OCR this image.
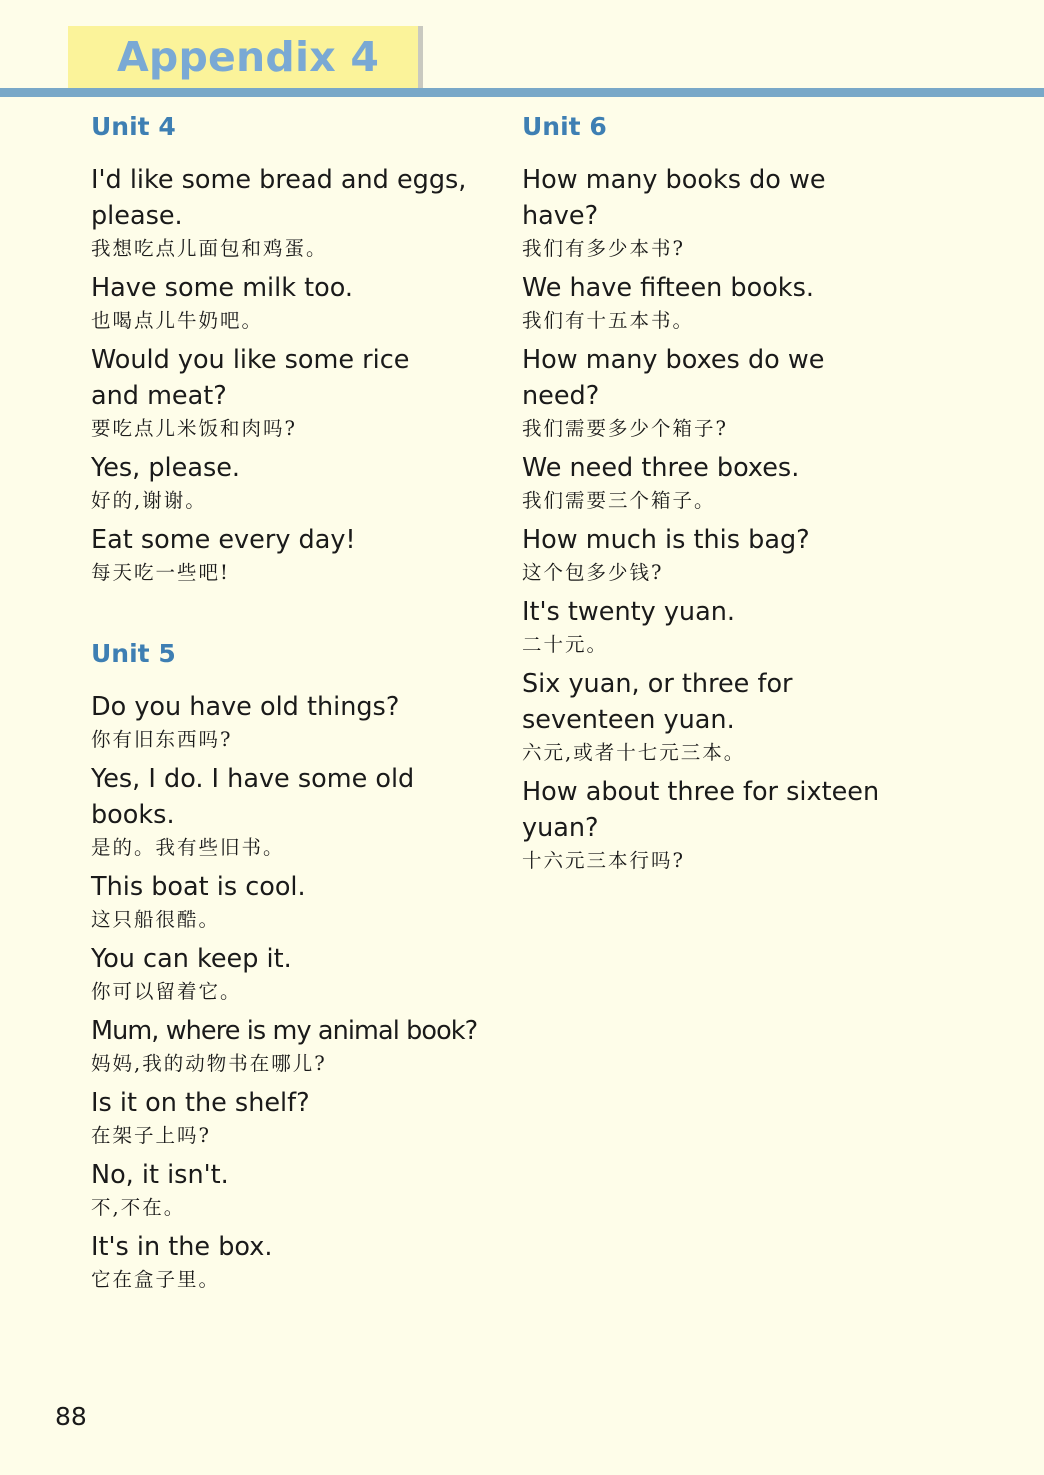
Appendix 4
Unit 4
I'd like some bread and eggs,
please.
我想吃点儿面包和鸡蛋。
Have some milk too.
也喝点儿牛奶吧。
Would you like some rice
and meat?
要吃点儿米饭和肉吗?
Yes, please.
好的,谢谢。
Eat some every day!
每天吃一些吧!
Unit 5
Do you have old things?
你有旧东西吗?
Yes, I do. I have some old
books.
是的。我有些旧书。
This boat is cool.
这只船很酷。
You can keep it.
你可以留着它。
Mum, where is my animal book?
妈妈,我的动物书在哪儿?
Is it on the shelf?
在架子上吗?
No, it isn't.
不,不在。
It's in the box.
它在盒子里。
Unit 6
How many books do we
have?
我们有多少本书?
We have fifteen books.
我们有十五本书。
How many boxes do we
need?
我们需要多少个箱子?
We need three boxes.
我们需要三个箱子。
How much is this bag?
这个包多少钱?
It's twenty yuan.
二十元。
Six yuan, or three for
seventeen yuan.
六元,或者十七元三本。
How about three for sixteen
yuan?
十六元三本行吗?
88
